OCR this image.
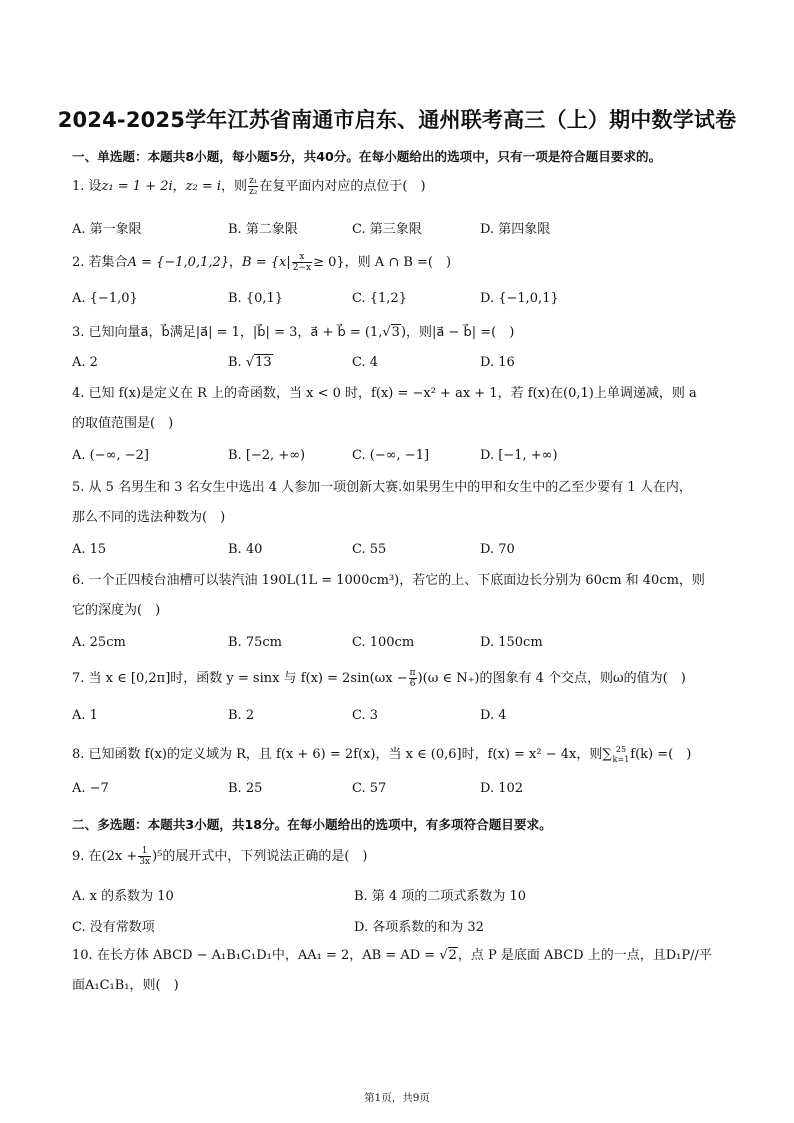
2024-2025学年江苏省南通市启东、通州联考高三（上）期中数学试卷
一、单选题：本题共8小题，每小题5分，共40分。在每小题给出的选项中，只有一项是符合题目要求的。
1. 设z₁ = 1 + 2i，z₂ = i，则 $\frac{\text{z₁}}{\text{z₂}}$ 在复平面内对应的点位于(　)
A. 第一象限	B. 第二象限	C. 第三象限	D. 第四象限
2. 若集合A = {−1,0,1,2}，$B = \{x| \frac{x}{2-x} \ge 0\}$，则 A ∩ B =(　)
A. {−1,0}	B. {0,1}	C. {1,2}	D. {−1,0,1}
3. 已知向量a⃗，b⃗满足|a⃗| = 1，|b⃗| = 3，a⃗ + b⃗ = (1,√3)，则|a⃗ − b⃗| =(　)
A. 2	B. √13	C. 4	D. 16
4. 已知 f(x)是定义在 R 上的奇函数，当 x < 0 时，f(x) = −x² + ax + 1，若 f(x)在(0,1)上单调递减，则 a
的取值范围是(　)
A. (−∞, −2]	B. [−2, +∞)	C. (−∞, −1]	D. [−1, +∞)
5. 从 5 名男生和 3 名女生中选出 4 人参加一项创新大赛.如果男生中的甲和女生中的乙至少要有 1 人在内，
那么不同的选法种数为(　)
A. 15	B. 40	C. 55	D. 70
6. 一个正四棱台油槽可以装汽油 190L(1L = 1000cm³)，若它的上、下底面边长分别为 60cm 和 40cm，则
它的深度为(　)
A. 25cm	B. 75cm	C. 100cm	D. 150cm
7. 当 x ∈ [0,2π]时，函数 y = sinx 与 $f(x) = 2\sin(\omega x - \frac{\pi}{6} )(\omega$ ∈ N₊)的图象有 4 个交点，则ω的值为(　)
A. 1	B. 2	C. 3	D. 4
8. 已知函数 f(x)的定义域为 R，且 f(x + 6) = 2f(x)，当 x ∈ (0,6]时，f(x) = x² − 4x，则∑ 25
k=1 f(k) =(　)
A. −7	B. 25	C. 57	D. 102
二、多选题：本题共3小题，共18分。在每小题给出的选项中，有多项符合题目要求。
9. 在$(2x + \frac{1}{3x} )^5$的展开式中，下列说法正确的是(　)
A. x 的系数为 10	B. 第 4 项的二项式系数为 10
C. 没有常数项	D. 各项系数的和为 32
10. 在长方体 ABCD − A₁B₁C₁D₁中，AA₁ = 2，AB = AD = √2，点 P 是底面 ABCD 上的一点，且D₁P//平
面A₁C₁B₁，则(　)
第1页，共9页
